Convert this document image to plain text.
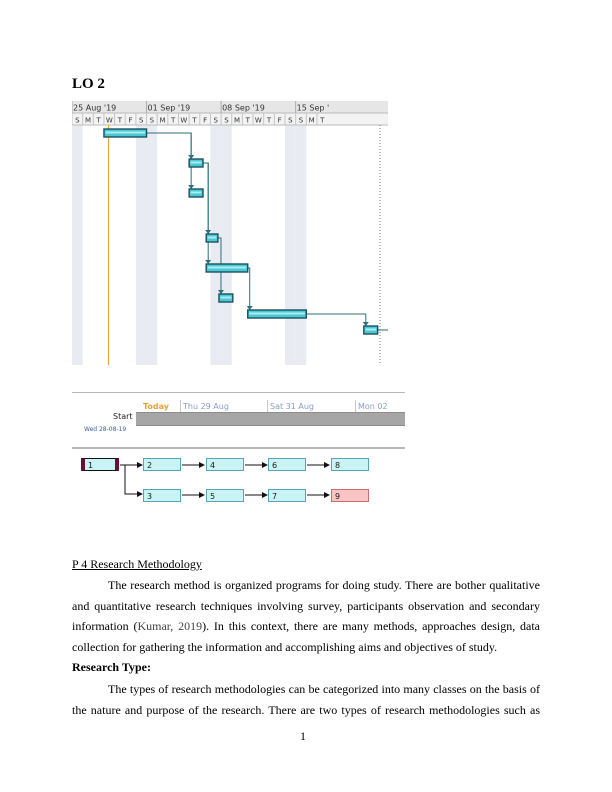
LO 2
25 Aug '19	01 Sep '19	08 Sep '19	15 Sep '
S M T W T F S S M T W T F S S M T W T F S S M T
Today Thu 29 Aug	Sat 31 Aug	Mon 02
Start
Wed 28-08-19
1	2	4	6	8
3	5	7	9
P 4 Research Methodology
The research method is organized programs for doing study. There are bother qualitative
and quantitative research techniques involving survey, participants observation and secondary
information (Kumar, 2019). In this context, there are many methods, approaches design, data
collection for gathering the information and accomplishing aims and objectives of study.
Research Type:
The types of research methodologies can be categorized into many classes on the basis of
the nature and purpose of the research. There are two types of research methodologies such as
1
